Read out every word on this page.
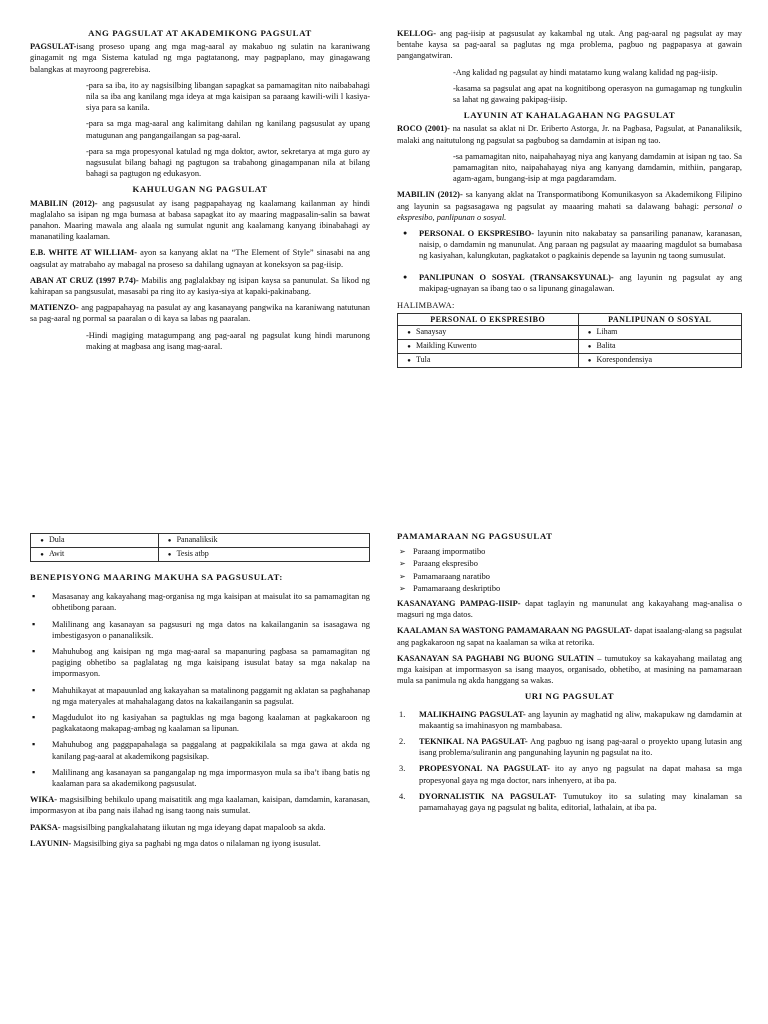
ANG PAGSULAT AT AKADEMIKONG PAGSULAT

PAGSULAT-isang proseso upang ang mga mag-aaral ay makabuo ng sulatin na karaniwang ginagamit ng mga Sistema katulad ng mga pagtatanong, may pagpaplano, may ginagawang balangkas at mayroong pagrerebisa.

-para sa iba, ito ay nagsisilbing libangan sapagkat sa pamamagitan nito naibabahagi nila sa iba ang kanilang mga ideya at mga kaisipan sa paraang kawili-wili l kasiya-siya para sa kanila.

-para sa mga mag-aaral ang kalimitang dahilan ng kanilang pagsusulat ay upang matugunan ang pangangailangan sa pag-aaral.

-para sa mga propesyonal katulad ng mga doktor, awtor, sekretarya at mga guro ay nagsusulat bilang bahagi ng pagtugon sa trabahong ginagampanan nila at bilang bahagi sa pagtugon ng edukasyon.

KAHULUGAN NG PAGSULAT

MABILIN (2012)- ang pagsusulat ay isang pagpapahayag ng kaalamang kailanman ay hindi maglalaho sa isipan ng mga bumasa at babasa sapagkat ito ay maaring magpasalin-salin sa bawat panahon. Maaring mawala ang alaala ng sumulat ngunit ang kaalamang kanyang ibinabahagi ay mananatiling kaalaman.

E.B. WHITE AT WILLIAM- ayon sa kanyang aklat na “The Element of Style” sinasabi na ang oagsulat ay matrabaho ay mabagal na proseso sa dahilang ugnayan at koneksyon sa pag-iisip.

ABAN AT CRUZ (1997 P.74)- Mabilis ang paglalakbay ng isipan kaysa sa panunulat. Sa likod ng kahirapan sa pangsusulat, masasabi pa ring ito ay kasiya-siya at kapaki-pakinabang.

MATIENZO- ang pagpapahayag na pasulat ay ang kasanayang pangwika na karaniwang natutunan sa pag-aaral ng pormal sa paaralan o di kaya sa labas ng paaralan.

-Hindi magiging matagumpang ang pag-aaral ng pagsulat kung hindi marunong making at magbasa ang isang mag-aaral.

KELLOG- ang pag-iisip at pagsusulat ay kakambal ng utak. Ang pag-aaral ng pagsulat ay may bentahe kaysa sa pag-aaral sa paglutas ng mga problema, pagbuo ng pagpapasya at gawain pangangatwiran.

-Ang kalidad ng pagsulat ay hindi matatamo kung walang kalidad ng pag-iisip.

-kasama sa pagsulat ang apat na kognitibong operasyon na gumagamap ng tungkulin sa lahat ng gawaing pakipag-iisip.

LAYUNIN AT KAHALAGAHAN NG PAGSULAT

ROCO (2001)- na nasulat sa aklat ni Dr. Eriberto Astorga, Jr. na Pagbasa, Pagsulat, at Pananaliksik, malaki ang naitutulong ng pagsulat sa pagbubog sa damdamin at isipan ng tao.

-sa pamamagitan nito, naipahahayag niya ang kanyang damdamin at isipan ng tao. Sa pamamagitan nito, naipahahayag niya ang kanyang damdamin, mithiin, pangarap, agam-agam, bungang-isip at mga pagdaramdam.

MABILIN (2012)- sa kanyang aklat na Transpormatibong Komunikasyon sa Akademikong Filipino ang layunin sa pagsasagawa ng pagsulat ay maaaring mahati sa dalawang bahagi: personal o ekspresibo, panlipunan o sosyal.

● PERSONAL O EKSPRESIBO- layunin nito nakabatay sa pansariling pananaw, karanasan, naisip, o damdamin ng manunulat. Ang paraan ng pagsulat ay maaaring magdulot sa bumabasa ng kasiyahan, kalungkutan, pagkatakot o pagkainis depende sa layunin ng taong sumusulat.
● PANLIPUNAN O SOSYAL (TRANSAKSYUNAL)- ang layunin ng pagsulat ay ang makipag-ugnayan sa ibang tao o sa lipunang ginagalawan.
HALIMBAWA:
PERSONAL O EKSPRESIBO	PANLIPUNAN O SOSYAL
● Sanaysay	● Liham
● Maikling Kuwento	● Balita
● Tula	● Korespondensiya
● Dula	● Pananaliksik
● Awit	● Tesis atbp
BENEPISYONG MAARING MAKUHA SA PAGSUSULAT:
▪ Masasanay ang kakayahang mag-organisa ng mga kaisipan at maisulat ito sa pamamagitan ng obhetibong paraan.
▪ Malilinang ang kasanayan sa pagsusuri ng mga datos na kakailanganin sa isasagawa ng imbestigasyon o pananaliksik.
▪ Mahuhubog ang kaisipan ng mga mag-aaral sa mapanuring pagbasa sa pamamagitan ng pagiging obhetibo sa paglalatag ng mga kaisipang isusulat batay sa mga nakalap na impormasyon.
▪ Mahuhikayat at mapauunlad ang kakayahan sa matalinong paggamit ng aklatan sa paghahanap ng mga materyales at mahahalagang datos na kakailanganin sa pagsulat.
▪ Magdudulot ito ng kasiyahan sa pagtuklas ng mga bagong kaalaman at pagkakaroon ng pagkakataong makapag-ambag ng kaalaman sa lipunan.
▪ Mahuhubog ang paggpapahalaga sa paggalang at pagpakikilala sa mga gawa at akda ng kanilang pag-aaral at akademikong pagsisikap.
▪ Malilinang ang kasanayan sa pangangalap ng mga impormasyon mula sa iba’t ibang batis ng kaalaman para sa akademikong pagsusulat.

WIKA- magsisilbing behikulo upang maisatitik ang mga kaalaman, kaisipan, damdamin, karanasan, impormasyon at iba pang nais ilahad ng isang taong nais sumulat.

PAKSA- magsisilbing pangkalahatang iikutan ng mga ideyang dapat mapaloob sa akda.

LAYUNIN- Magsisilbing giya sa paghabi ng mga datos o nilalaman ng iyong isusulat.

PAMAMARAAN NG PAGSUSULAT
➢ Paraang impormatibo
➢ Paraang ekspresibo
➢ Pamamaraang naratibo
➢ Pamamaraang deskriptibo

KASANAYANG PAMPAG-IISIP- dapat taglayin ng manunulat ang kakayahang mag-analisa o magsuri ng mga datos.

KAALAMAN SA WASTONG PAMAMARAAN NG PAGSULAT- dapat isaalang-alang sa pagsulat ang pagkakaroon ng sapat na kaalaman sa wika at retorika.

KASANAYAN SA PAGHABI NG BUONG SULATIN – tumutukoy sa kakayahang mailatag ang mga kaisipan at impormasyon sa isang maayos, organisado, obhetibo, at masining na pamamaraan mula sa panimula ng akda hanggang sa wakas.

URI NG PAGSULAT
1. MALIKHAING PAGSULAT- ang layunin ay maghatid ng aliw, makapukaw ng damdamin at makaantig sa imahinasyon ng mambabasa.
2. TEKNIKAL NA PAGSULAT- Ang pagbuo ng isang pag-aaral o proyekto upang lutasin ang isang problema/suliranin ang pangunahing layunin ng pagsulat na ito.
3. PROPESYONAL NA PAGSULAT- ito ay anyo ng pagsulat na dapat mahasa sa mga propesyonal gaya ng mga doctor, nars inhenyero, at iba pa.
4. DYORNALISTIK NA PAGSULAT- Tumutukoy ito sa sulating may kinalaman sa pamamahayag gaya ng pagsulat ng balita, editorial, lathalain, at iba pa.
